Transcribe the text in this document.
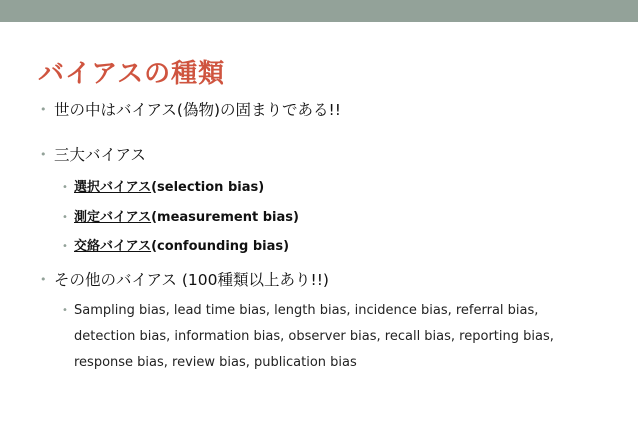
バイアスの種類
• 世の中はバイアス(偽物)の固まりである!!
• 三大バイアス
• 選択バイアス(selection bias)
• 測定バイアス(measurement bias)
• 交絡バイアス(confounding bias)
• その他のバイアス (100種類以上あり!!)
• Sampling bias, lead time bias, length bias, incidence bias, referral bias,
detection bias, information bias, observer bias, recall bias, reporting bias,
response bias, review bias, publication bias
